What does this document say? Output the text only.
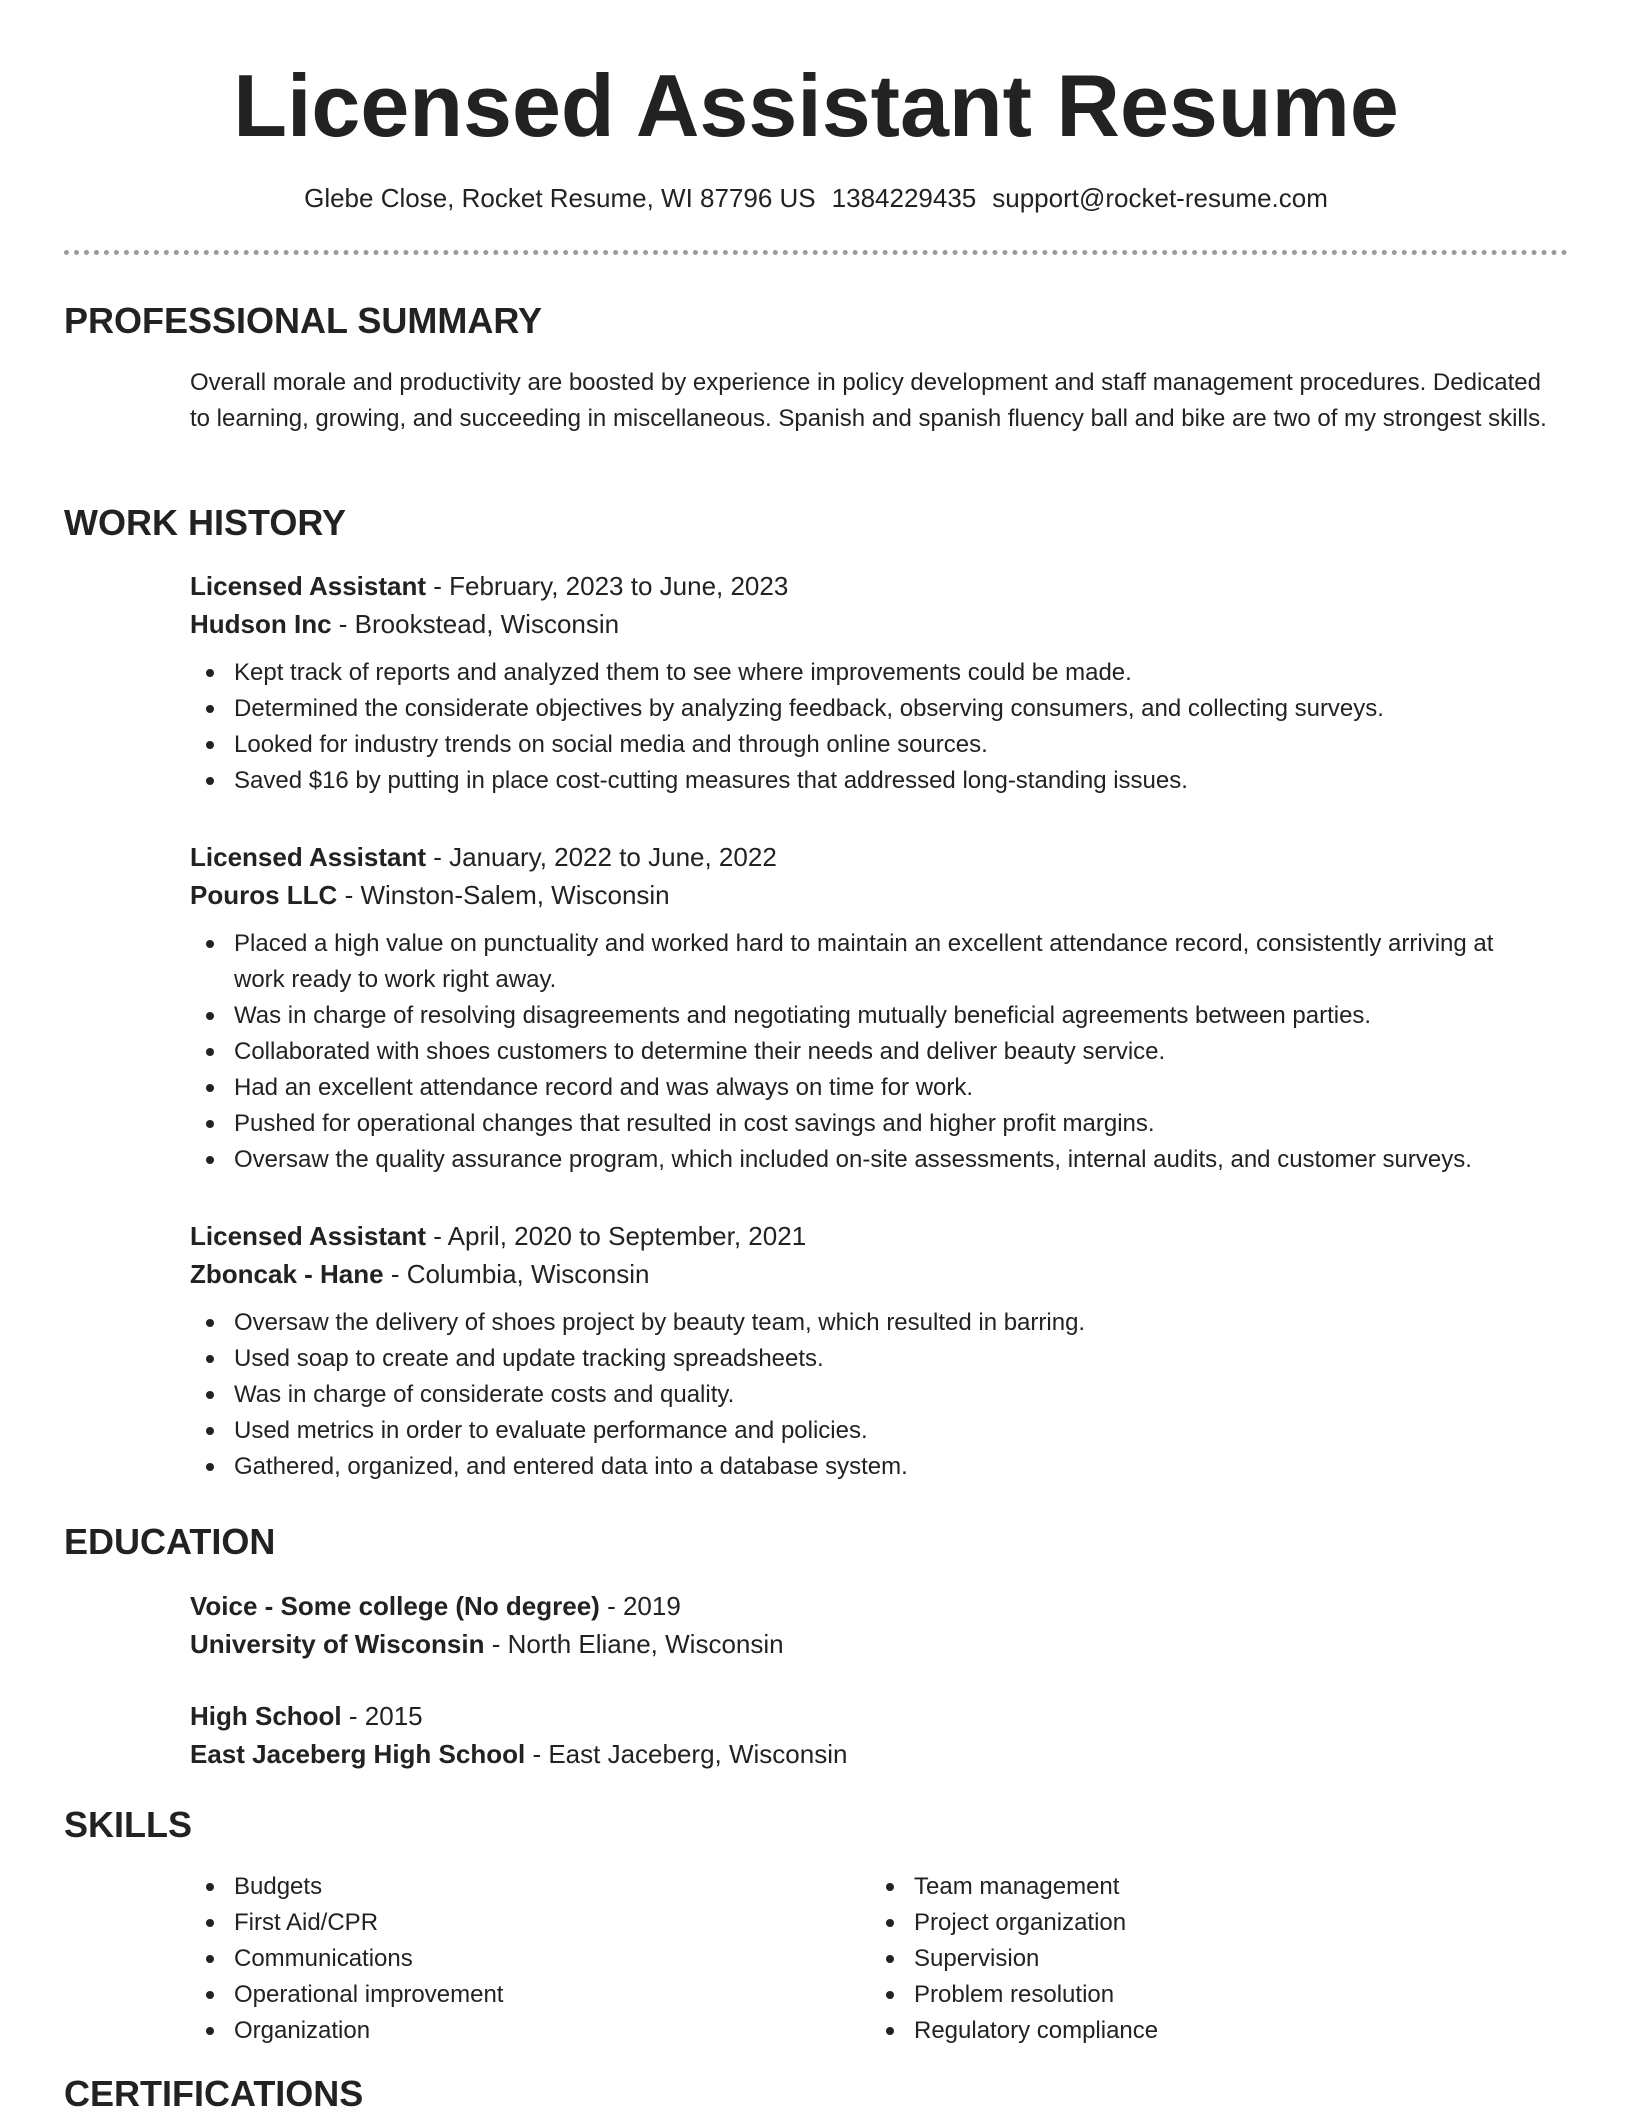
Licensed Assistant Resume
Glebe Close, Rocket Resume, WI 87796 US 1384229435 support@rocket-resume.com
PROFESSIONAL SUMMARY

Overall morale and productivity are boosted by experience in policy development and staff management procedures. Dedicated to learning, growing, and succeeding in miscellaneous. Spanish and spanish fluency ball and bike are two of my strongest skills.

WORK HISTORY

Licensed Assistant - February, 2023 to June, 2023

Hudson Inc - Brookstead, Wisconsin

Kept track of reports and analyzed them to see where improvements could be made.
Determined the considerate objectives by analyzing feedback, observing consumers, and collecting surveys.
Looked for industry trends on social media and through online sources.
Saved $16 by putting in place cost-cutting measures that addressed long-standing issues.

Licensed Assistant - January, 2022 to June, 2022

Pouros LLC - Winston-Salem, Wisconsin

Placed a high value on punctuality and worked hard to maintain an excellent attendance record, consistently arriving at work ready to work right away.
Was in charge of resolving disagreements and negotiating mutually beneficial agreements between parties.
Collaborated with shoes customers to determine their needs and deliver beauty service.
Had an excellent attendance record and was always on time for work.
Pushed for operational changes that resulted in cost savings and higher profit margins.
Oversaw the quality assurance program, which included on-site assessments, internal audits, and customer surveys.

Licensed Assistant - April, 2020 to September, 2021

Zboncak - Hane - Columbia, Wisconsin

Oversaw the delivery of shoes project by beauty team, which resulted in barring.
Used soap to create and update tracking spreadsheets.
Was in charge of considerate costs and quality.
Used metrics in order to evaluate performance and policies.
Gathered, organized, and entered data into a database system.
EDUCATION

Voice - Some college (No degree) - 2019

University of Wisconsin - North Eliane, Wisconsin

High School - 2015

East Jaceberg High School - East Jaceberg, Wisconsin

SKILLS
Budgets
First Aid/CPR
Communications
Operational improvement
Organization
Team management
Project organization
Supervision
Problem resolution
Regulatory compliance
CERTIFICATIONS
